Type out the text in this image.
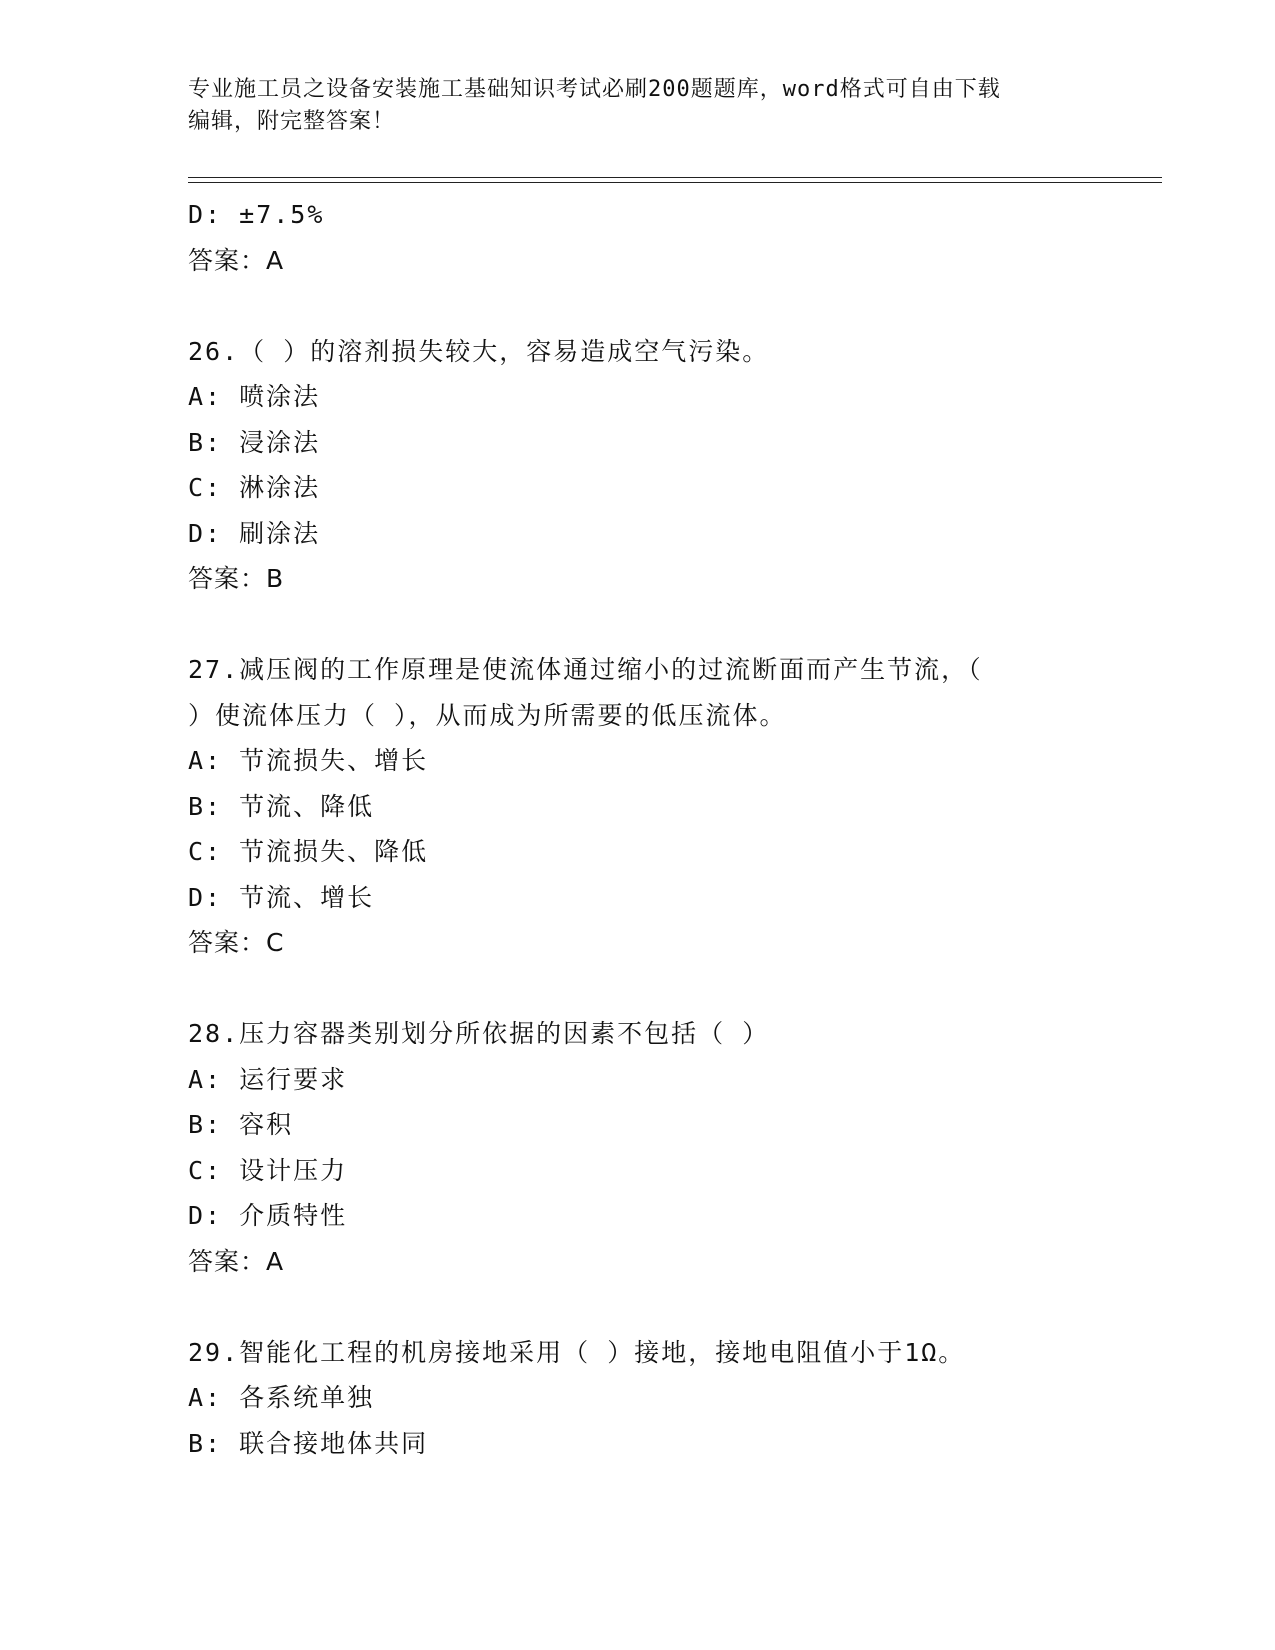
专业施工员之设备安装施工基础知识考试必刷200题题库，word格式可自由下载
编辑，附完整答案！
D: ±7.5%
答案：A
26.（ ）的溶剂损失较大，容易造成空气污染。
A: 喷涂法
B: 浸涂法
C: 淋涂法
D: 刷涂法
答案：B
27.减压阀的工作原理是使流体通过缩小的过流断面而产生节流，（
）使流体压力（ ），从而成为所需要的低压流体。
A: 节流损失、增长
B: 节流、降低
C: 节流损失、降低
D: 节流、增长
答案：C
28.压力容器类别划分所依据的因素不包括（ ）
A: 运行要求
B: 容积
C: 设计压力
D: 介质特性
答案：A
29.智能化工程的机房接地采用（ ）接地，接地电阻值小于1Ω。
A: 各系统单独
B: 联合接地体共同
